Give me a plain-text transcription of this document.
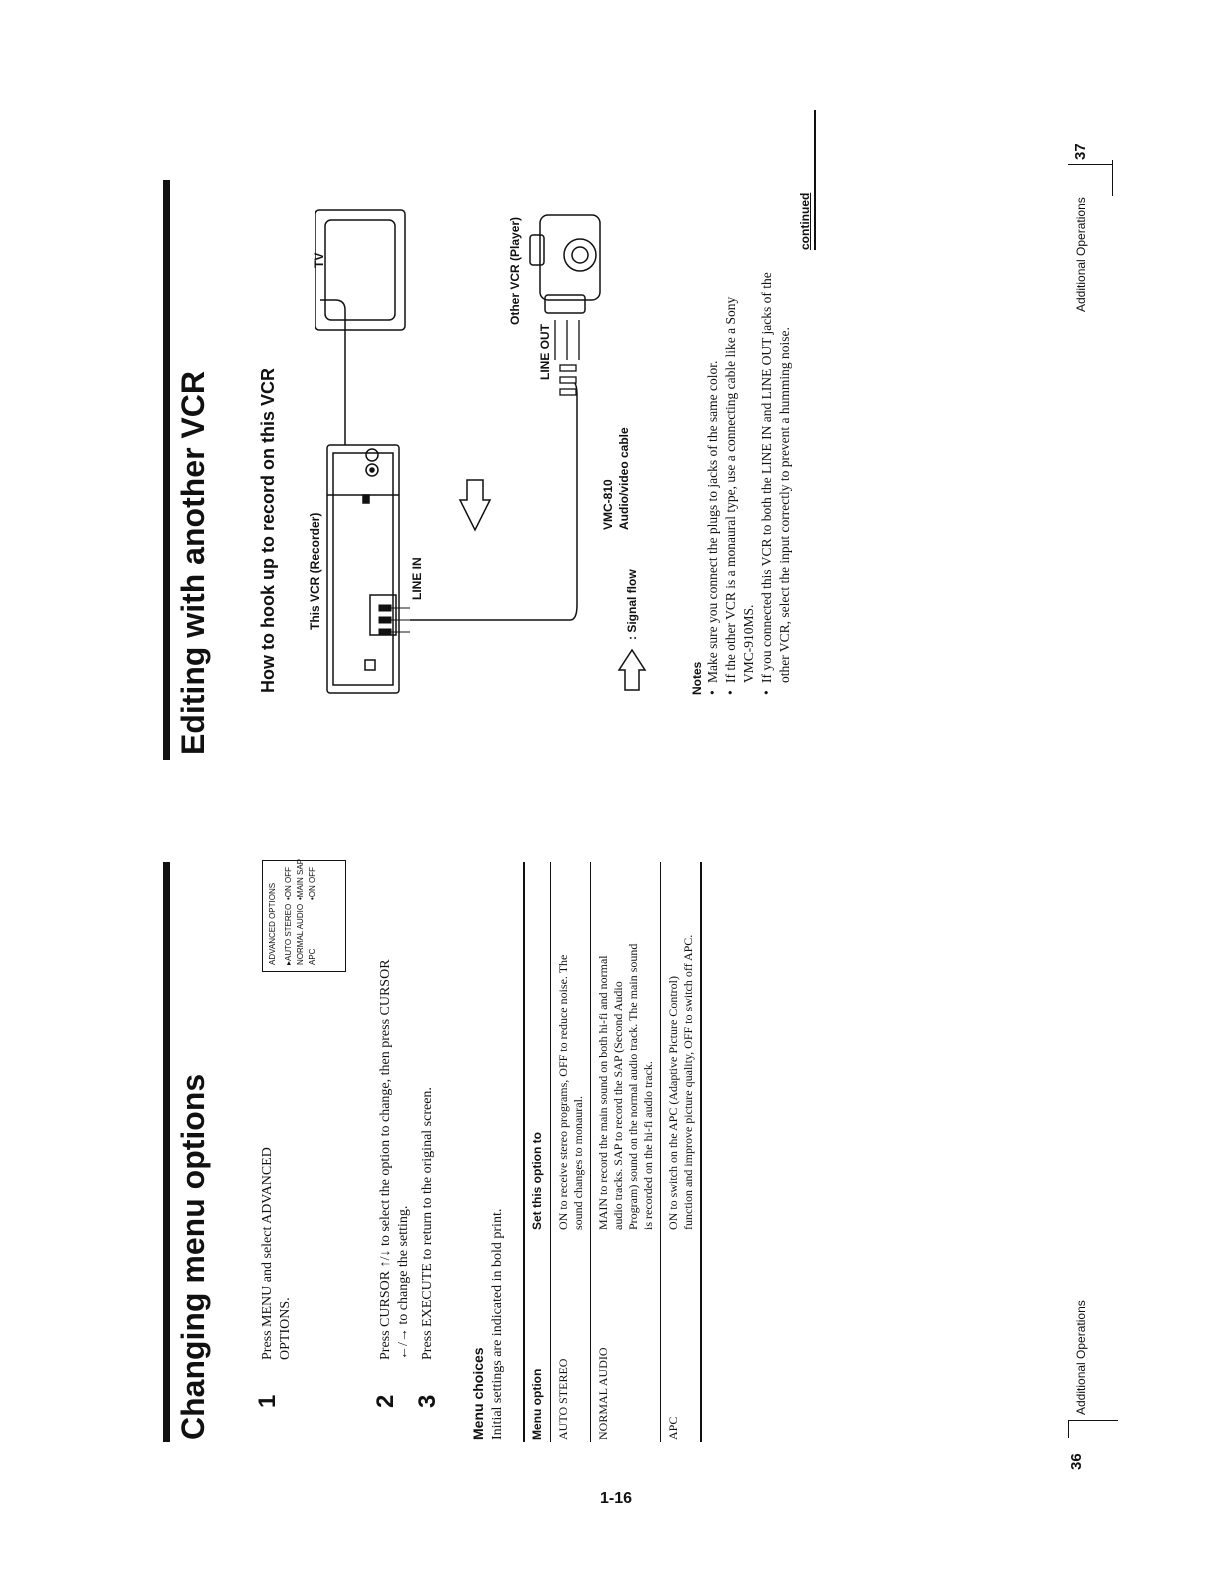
Changing menu options 1
Press MENU and select ADVANCED OPTIONS.
ADVANCED OPTIONS ▸AUTO STEREO
•ON OFF
NORMAL AUDIO
•MAIN SAP
APC
•ON OFF
2
Press CURSOR ↑/↓ to select the option to change, then press CURSOR ←/→ to change the setting.
3
Press EXECUTE to return to the original screen.
Menu choices Initial settings are indicated in bold print. Menu option
Set this option to
AUTO STEREO
ON to receive stereo programs, OFF to reduce noise. The sound changes to monaural.
NORMAL AUDIO
MAIN to record the main sound on both hi-fi and normal audio tracks. SAP to record the SAP (Second Audio Program) sound on the normal audio track. The main sound is recorded on the hi-fi audio track.
APC
ON to switch on the APC (Adaptive Picture Control) function and improve picture quality, OFF to switch off APC.
36
Additional Operations
Editing with another VCR	How to hook up to record on this VCR	This VCR (Recorder)	LINE IN
TV
LINE OUT
Other VCR (Player)
VMC-810 Audio/video cable
: Signal flow
Notes •
Make sure you connect the plugs to jacks of the same color.
•
If the other VCR is a monaural type, use a connecting cable like a Sony VMC-910MS.
•
If you connected this VCR to both the LINE IN and LINE OUT jacks of the other VCR, select the input correctly to prevent a humming noise.
continued	Additional Operations
37
1-16
